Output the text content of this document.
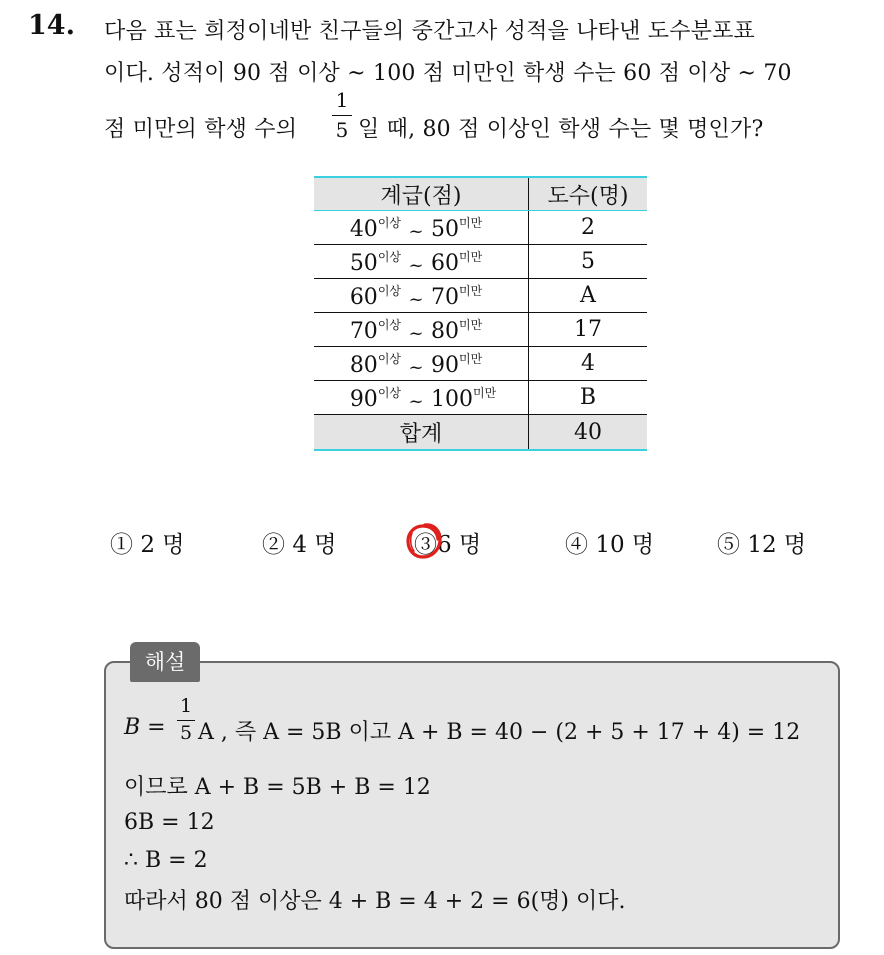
14. 다음 표는 희정이네반 친구들의 중간고사 성적을 나타낸 도수분포표
이다. 성적이 90 점 이상 ~ 100 점 미만인 학생 수는 60 점 이상 ~ 70
점 미만의 학생 수의
1
5 일 때, 80 점 이상인 학생 수는 몇 명인가?
계급(점)	도수(명)

$40^{이상}$ ~ $50^{미만}$	2

$50^{이상}$ ~ $60^{미만}$	5

$60^{이상}$ ~ $70^{미만}$	A

$70^{이상}$ ~ $80^{미만}$	17

$80^{이상}$ ~ $90^{미만}$	4

$90^{이상}$ ~ $100^{미만}$	B
합계	40
① 2 명	② 4 명	③6 명	④ 10 명	⑤ 12 명
해설
B =
1
5 A , 즉 A = 5B 이고 A + B = 40 − (2 + 5 + 17 + 4) = 12
이므로 A + B = 5B + B = 12
6B = 12
∴ B = 2
따라서 80 점 이상은 4 + B = 4 + 2 = 6(명) 이다.
